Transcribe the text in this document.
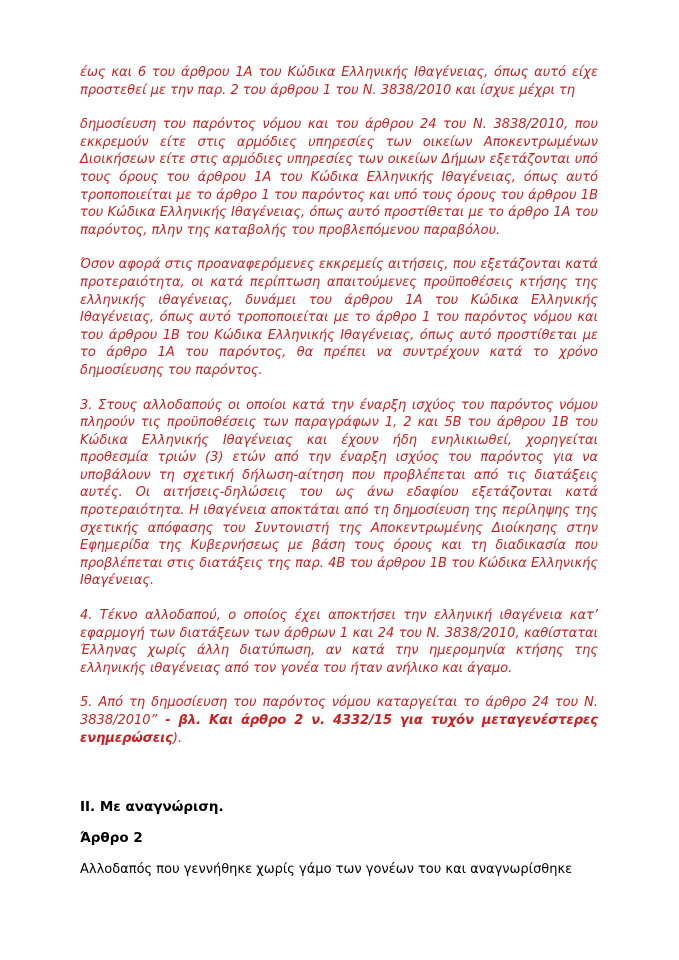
έως και 6 του άρθρου 1Α του Κώδικα Ελληνικής Ιθαγένειας, όπως αυτό είχε προστεθεί με την παρ. 2 του άρθρου 1 του Ν. 3838/2010 και ίσχυε μέχρι τη

δημοσίευση του παρόντος νόμου και του άρθρου 24 του Ν. 3838/2010, που εκκρεμούν είτε στις αρμόδιες υπηρεσίες των οικείων Αποκεντρωμένων Διοικήσεων είτε στις αρμόδιες υπηρεσίες των οικείων Δήμων εξετάζονται υπό τους όρους του άρθρου 1Α του Κώδικα Ελληνικής Ιθαγένειας, όπως αυτό τροποποιείται με το άρθρο 1 του παρόντος και υπό τους όρους του άρθρου 1Β του Κώδικα Ελληνικής Ιθαγένειας, όπως αυτό προστίθεται με το άρθρο 1Α του παρόντος, πλην της καταβολής του προβλεπόμενου παραβόλου.

Όσον αφορά στις προαναφερόμενες εκκρεμείς αιτήσεις, που εξετάζονται κατά προτεραιότητα, οι κατά περίπτωση απαιτούμενες προϋποθέσεις κτήσης της ελληνικής ιθαγένειας, δυνάμει του άρθρου 1Α του Κώδικα Ελληνικής Ιθαγένειας, όπως αυτό τροποποιείται με το άρθρο 1 του παρόντος νόμου και του άρθρου 1Β του Κώδικα Ελληνικής Ιθαγένειας, όπως αυτό προστίθεται με το άρθρο 1Α του παρόντος, θα πρέπει να συντρέχουν κατά το χρόνο δημοσίευσης του παρόντος.

3. Στους αλλοδαπούς οι οποίοι κατά την έναρξη ισχύος του παρόντος νόμου πληρούν τις προϋποθέσεις των παραγράφων 1, 2 και 5Β του άρθρου 1Β του Κώδικα Ελληνικής Ιθαγένειας και έχουν ήδη ενηλικιωθεί, χορηγείται προθεσμία τριών (3) ετών από την έναρξη ισχύος του παρόντος για να υποβάλουν τη σχετική δήλωση-αίτηση που προβλέπεται από τις διατάξεις αυτές. Οι αιτήσεις-δηλώσεις του ως άνω εδαφίου εξετάζονται κατά προτεραιότητα. Η ιθαγένεια αποκτάται από τη δημοσίευση της περίληψης της σχετικής απόφασης του Συντονιστή της Αποκεντρωμένης Διοίκησης στην Εφημερίδα της Κυβερνήσεως με βάση τους όρους και τη διαδικασία που προβλέπεται στις διατάξεις της παρ. 4Β του άρθρου 1Β του Κώδικα Ελληνικής Ιθαγένειας.

4. Τέκνο αλλοδαπού, ο οποίος έχει αποκτήσει την ελληνική ιθαγένεια κατ’ εφαρμογή των διατάξεων των άρθρων 1 και 24 του Ν. 3838/2010, καθίσταται Έλληνας χωρίς άλλη διατύπωση, αν κατά την ημερομηνία κτήσης της ελληνικής ιθαγένειας από τον γονέα του ήταν ανήλικο και άγαμο.

5. Από τη δημοσίευση του παρόντος νόμου καταργείται το άρθρο 24 του Ν. 3838/2010” - βλ. Και άρθρο 2 ν. 4332/15 για τυχόν μεταγενέστερες ενημερώσεις).

ΙΙ. Με αναγνώριση.

Άρθρο 2

Αλλοδαπός που γεννήθηκε χωρίς γάμο των γονέων του και αναγνωρίσθηκε
